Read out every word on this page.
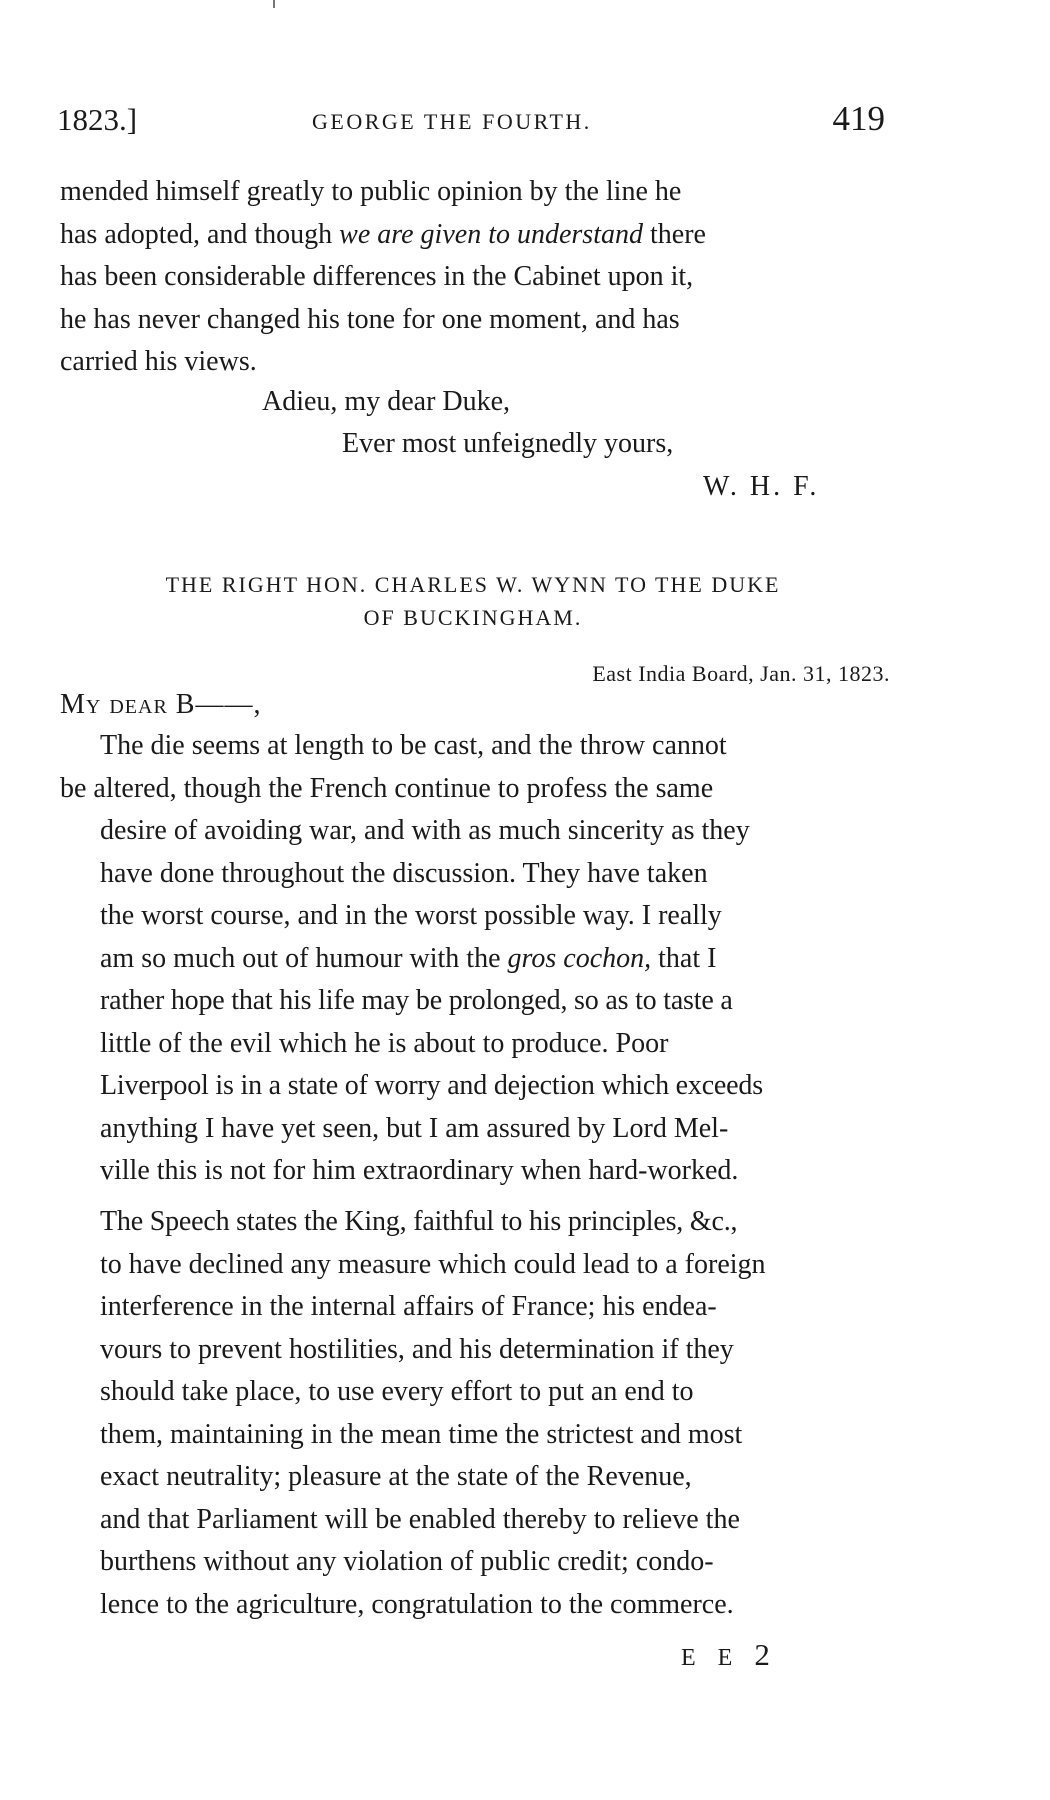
1823.]	GEORGE THE FOURTH.	419
mended himself greatly to public opinion by the line he
has adopted, and though we are given to understand there
has been considerable differences in the Cabinet upon it,
he has never changed his tone for one moment, and has
carried his views.
Adieu, my dear Duke,
Ever most unfeignedly yours,
W. H. F.
THE RIGHT HON. CHARLES W. WYNN TO THE DUKE
OF BUCKINGHAM.
East India Board, Jan. 31, 1823.
My dear B——,
The die seems at length to be cast, and the throw cannot
be altered, though the French continue to profess the same
desire of avoiding war, and with as much sincerity as they
have done throughout the discussion. They have taken
the worst course, and in the worst possible way. I really
am so much out of humour with the gros cochon, that I
rather hope that his life may be prolonged, so as to taste a
little of the evil which he is about to produce. Poor
Liverpool is in a state of worry and dejection which exceeds
anything I have yet seen, but I am assured by Lord Mel-
ville this is not for him extraordinary when hard-worked.
The Speech states the King, faithful to his principles, &c.,
to have declined any measure which could lead to a foreign
interference in the internal affairs of France; his endea-
vours to prevent hostilities, and his determination if they
should take place, to use every effort to put an end to
them, maintaining in the mean time the strictest and most
exact neutrality; pleasure at the state of the Revenue,
and that Parliament will be enabled thereby to relieve the
burthens without any violation of public credit; condo-
lence to the agriculture, congratulation to the commerce.
E E 2
